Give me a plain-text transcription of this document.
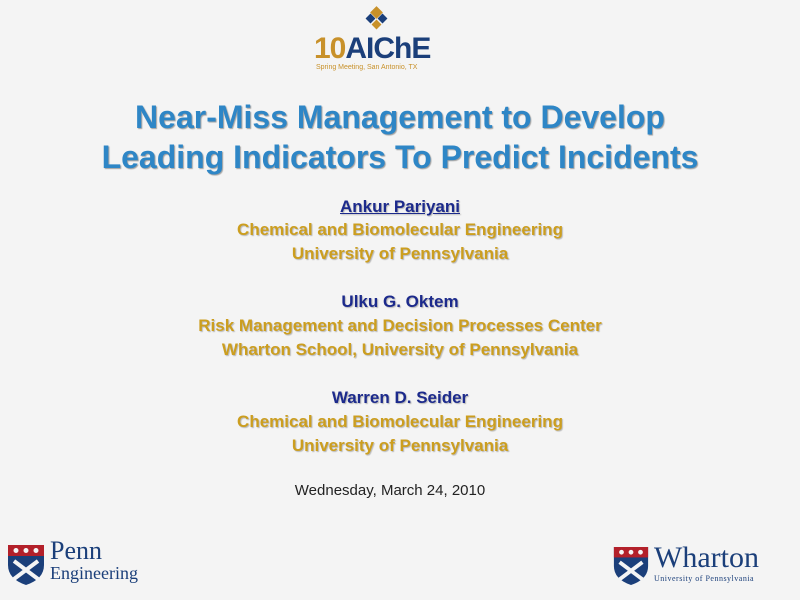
10AIChE
Spring Meeting, San Antonio, TX
Near-Miss Management to Develop
Leading Indicators To Predict Incidents
Ankur Pariyani
Chemical and Biomolecular Engineering
University of Pennsylvania
Ulku G. Oktem
Risk Management and Decision Processes Center
Wharton School, University of Pennsylvania
Warren D. Seider
Chemical and Biomolecular Engineering
University of Pennsylvania
Wednesday, March 24, 2010
Penn
Engineering	Wharton
University of Pennsylvania
